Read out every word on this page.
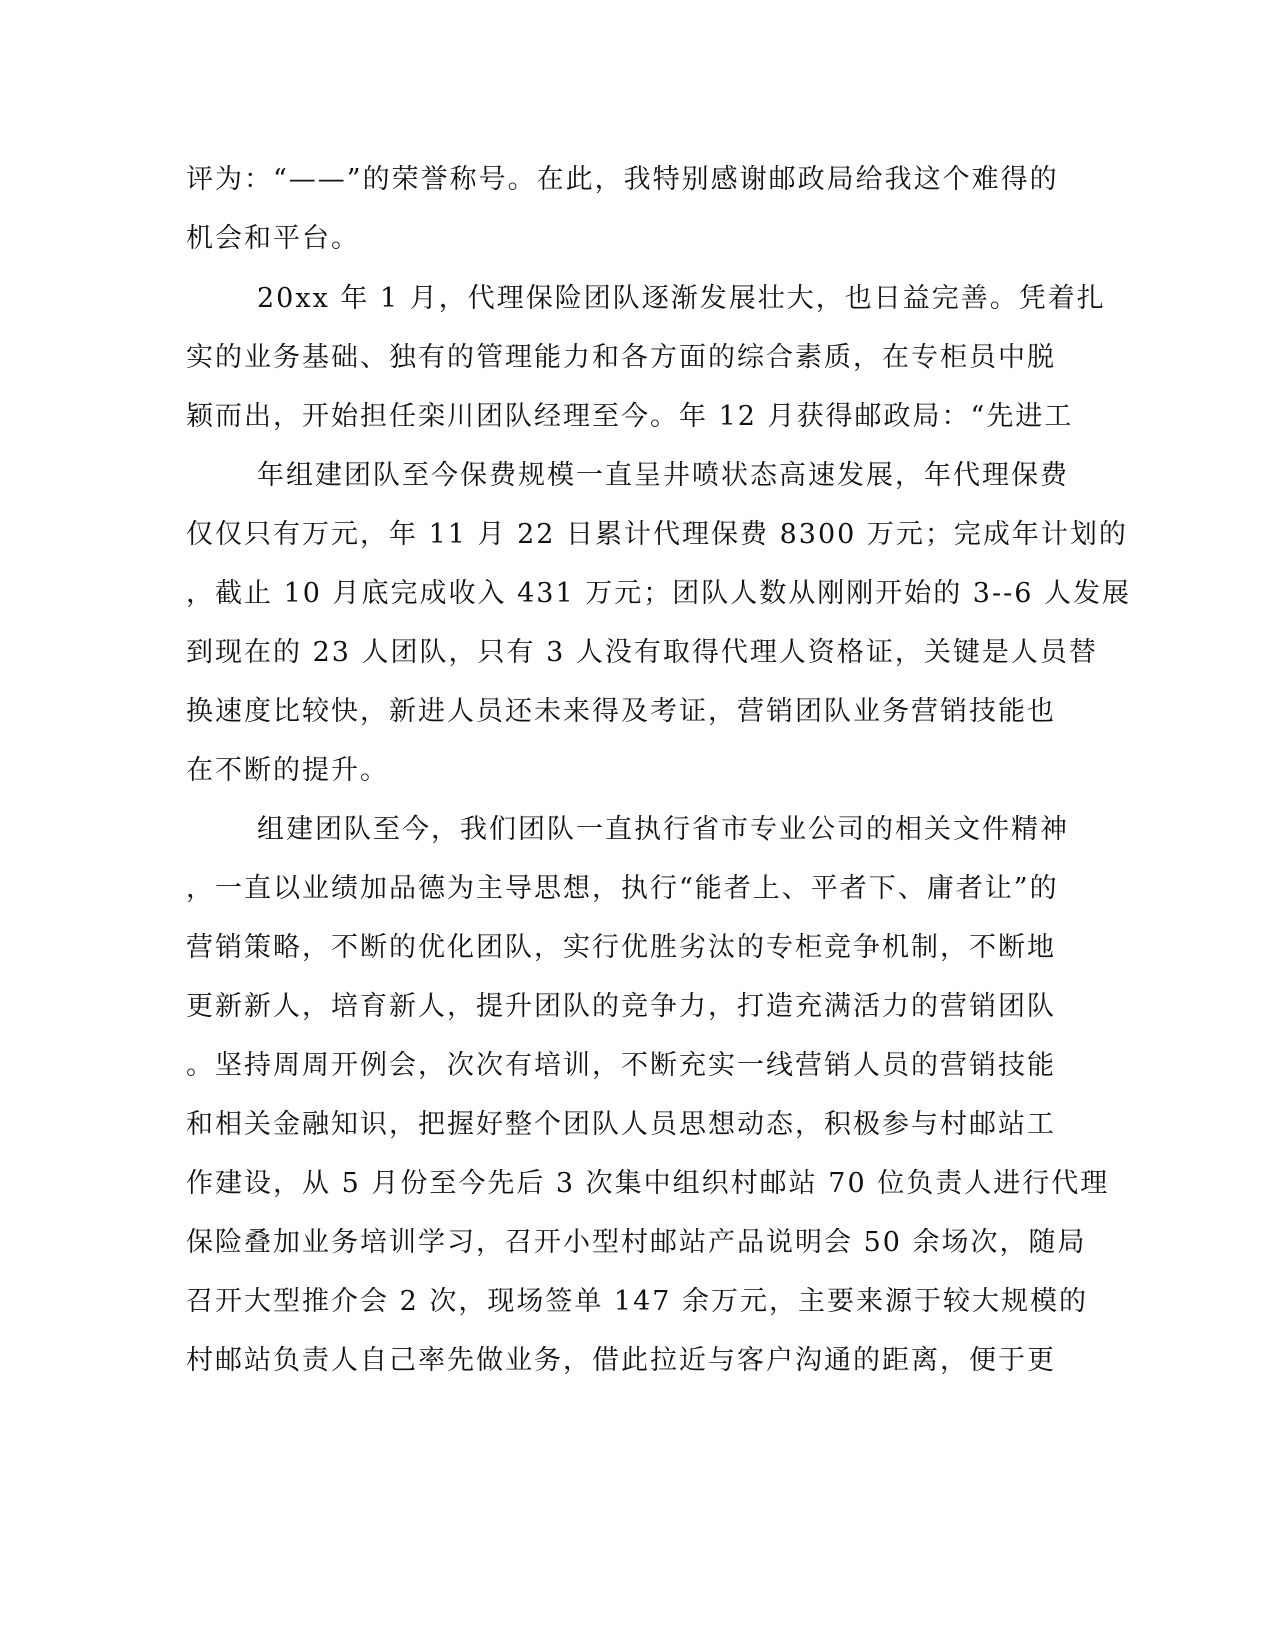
评为：“——”的荣誉称号。在此，我特别感谢邮政局给我这个难得的
机会和平台。
20xx 年 1 月，代理保险团队逐渐发展壮大，也日益完善。凭着扎
实的业务基础、独有的管理能力和各方面的综合素质，在专柜员中脱
颖而出，开始担任栾川团队经理至今。年 12 月获得邮政局：“先进工
年组建团队至今保费规模一直呈井喷状态高速发展，年代理保费
仅仅只有万元，年 11 月 22 日累计代理保费 8300 万元；完成年计划的
，截止 10 月底完成收入 431 万元；团队人数从刚刚开始的 3--6 人发展
到现在的 23 人团队，只有 3 人没有取得代理人资格证，关键是人员替
换速度比较快，新进人员还未来得及考证，营销团队业务营销技能也
在不断的提升。
组建团队至今，我们团队一直执行省市专业公司的相关文件精神
，一直以业绩加品德为主导思想，执行“能者上、平者下、庸者让”的
营销策略，不断的优化团队，实行优胜劣汰的专柜竞争机制，不断地
更新新人，培育新人，提升团队的竞争力，打造充满活力的营销团队
。坚持周周开例会，次次有培训，不断充实一线营销人员的营销技能
和相关金融知识，把握好整个团队人员思想动态，积极参与村邮站工
作建设，从 5 月份至今先后 3 次集中组织村邮站 70 位负责人进行代理
保险叠加业务培训学习，召开小型村邮站产品说明会 50 余场次，随局
召开大型推介会 2 次，现场签单 147 余万元，主要来源于较大规模的
村邮站负责人自己率先做业务，借此拉近与客户沟通的距离，便于更
